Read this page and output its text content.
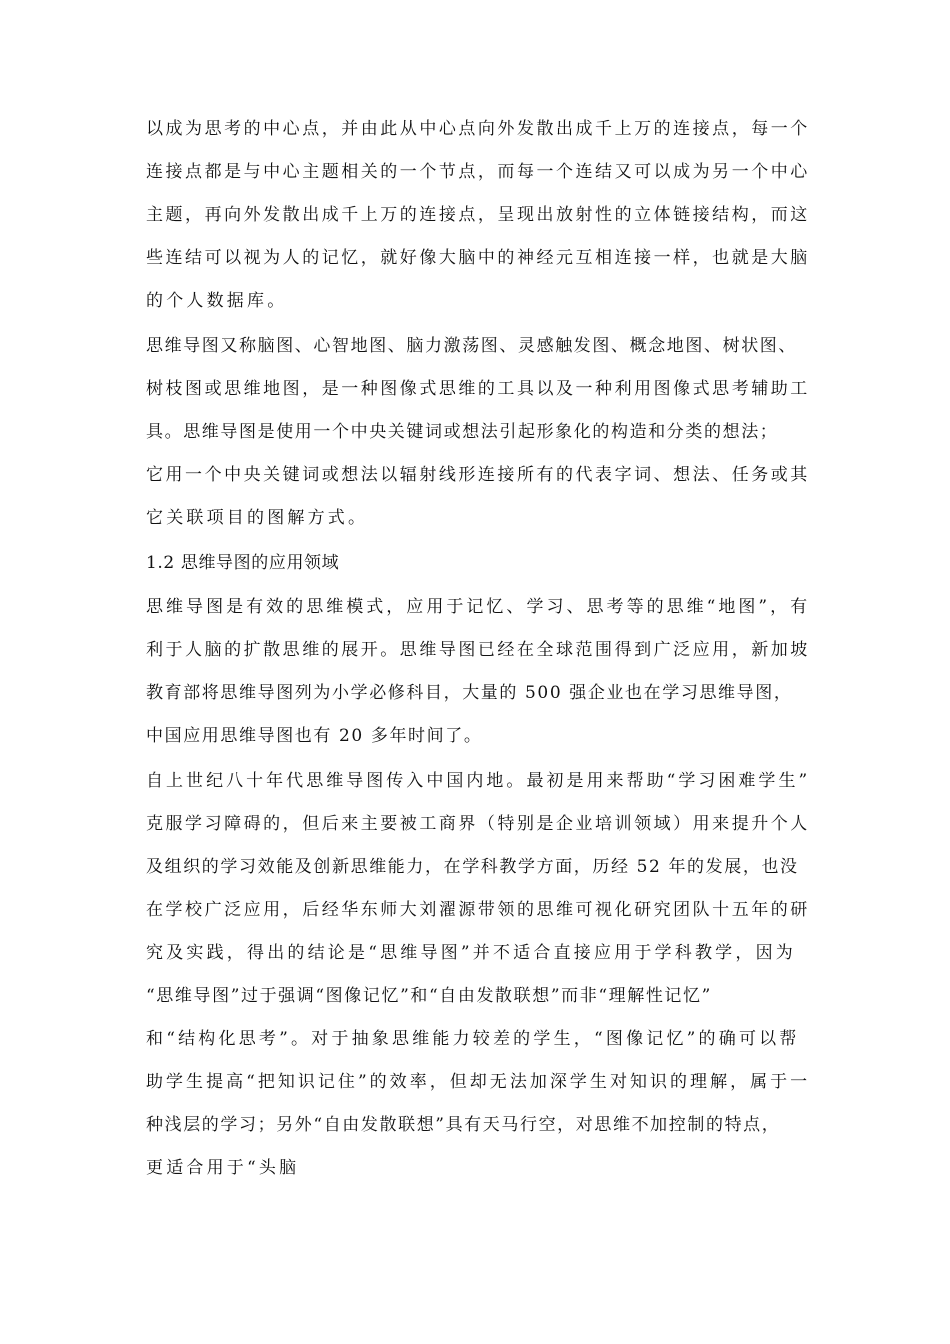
以成为思考的中心点，并由此从中心点向外发散出成千上万的连接点，每一个
连接点都是与中心主题相关的一个节点，而每一个连结又可以成为另一个中心
主题，再向外发散出成千上万的连接点，呈现出放射性的立体链接结构，而这
些连结可以视为人的记忆，就好像大脑中的神经元互相连接一样，也就是大脑
的个人数据库。
思维导图又称脑图、心智地图、脑力激荡图、灵感触发图、概念地图、树状图、
树枝图或思维地图，是一种图像式思维的工具以及一种利用图像式思考辅助工
具。思维导图是使用一个中央关键词或想法引起形象化的构造和分类的想法；
它用一个中央关键词或想法以辐射线形连接所有的代表字词、想法、任务或其
它关联项目的图解方式。
1.2 思维导图的应用领域
思维导图是有效的思维模式，应用于记忆、学习、思考等的思维“地图”，有
利于人脑的扩散思维的展开。思维导图已经在全球范围得到广泛应用，新加坡
教育部将思维导图列为小学必修科目，大量的 500 强企业也在学习思维导图，
中国应用思维导图也有 20 多年时间了。
自上世纪八十年代思维导图传入中国内地。最初是用来帮助“学习困难学生”
克服学习障碍的，但后来主要被工商界（特别是企业培训领域）用来提升个人
及组织的学习效能及创新思维能力，在学科教学方面，历经 52 年的发展，也没
在学校广泛应用，后经华东师大刘濯源带领的思维可视化研究团队十五年的研
究及实践，得出的结论是“思维导图”并不适合直接应用于学科教学，因为
“思维导图”过于强调“图像记忆”和“自由发散联想”而非“理解性记忆”
和“结构化思考”。对于抽象思维能力较差的学生，“图像记忆”的确可以帮
助学生提高“把知识记住”的效率，但却无法加深学生对知识的理解，属于一
种浅层的学习；另外“自由发散联想”具有天马行空，对思维不加控制的特点，
更适合用于“头脑
